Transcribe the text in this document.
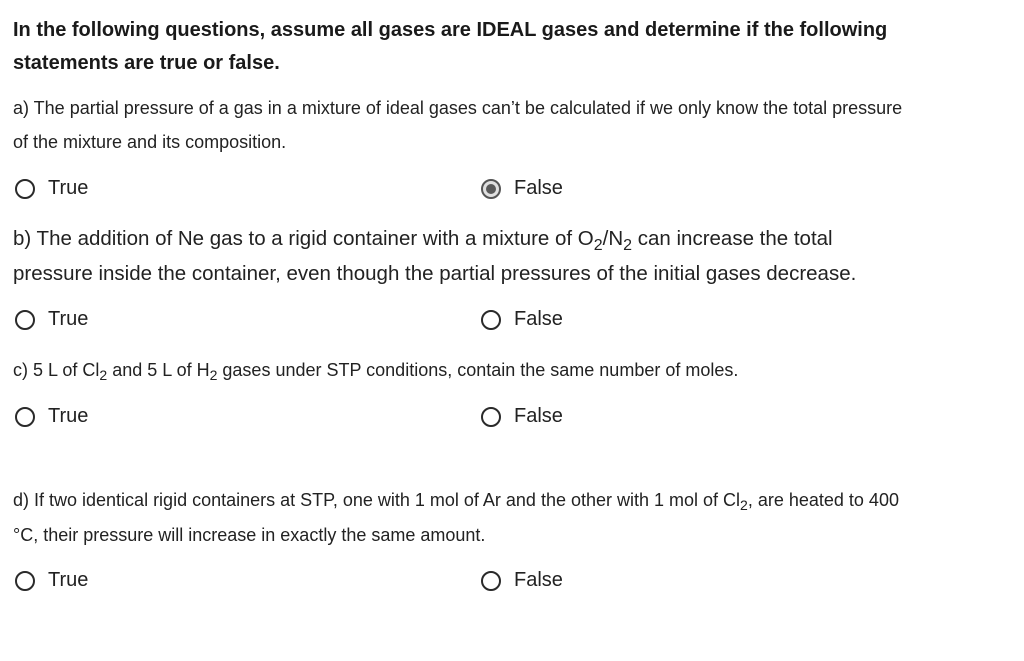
In the following questions, assume all gases are IDEAL gases and determine if the following
statements are true or false.
a) The partial pressure of a gas in a mixture of ideal gases can’t be calculated if we only know the total pressure
of the mixture and its composition.
True	False
b) The addition of Ne gas to a rigid container with a mixture of $O_2/N_2$ can increase the total
pressure inside the container, even though the partial pressures of the initial gases decrease.
True	False
c) 5 L of $Cl_2$ and 5 L of $H_2$ gases under STP conditions, contain the same number of moles.
True	False
d) If two identical rigid containers at STP, one with 1 mol of Ar and the other with 1 mol of $Cl_2$, are heated to 400
°C, their pressure will increase in exactly the same amount.
True	False
